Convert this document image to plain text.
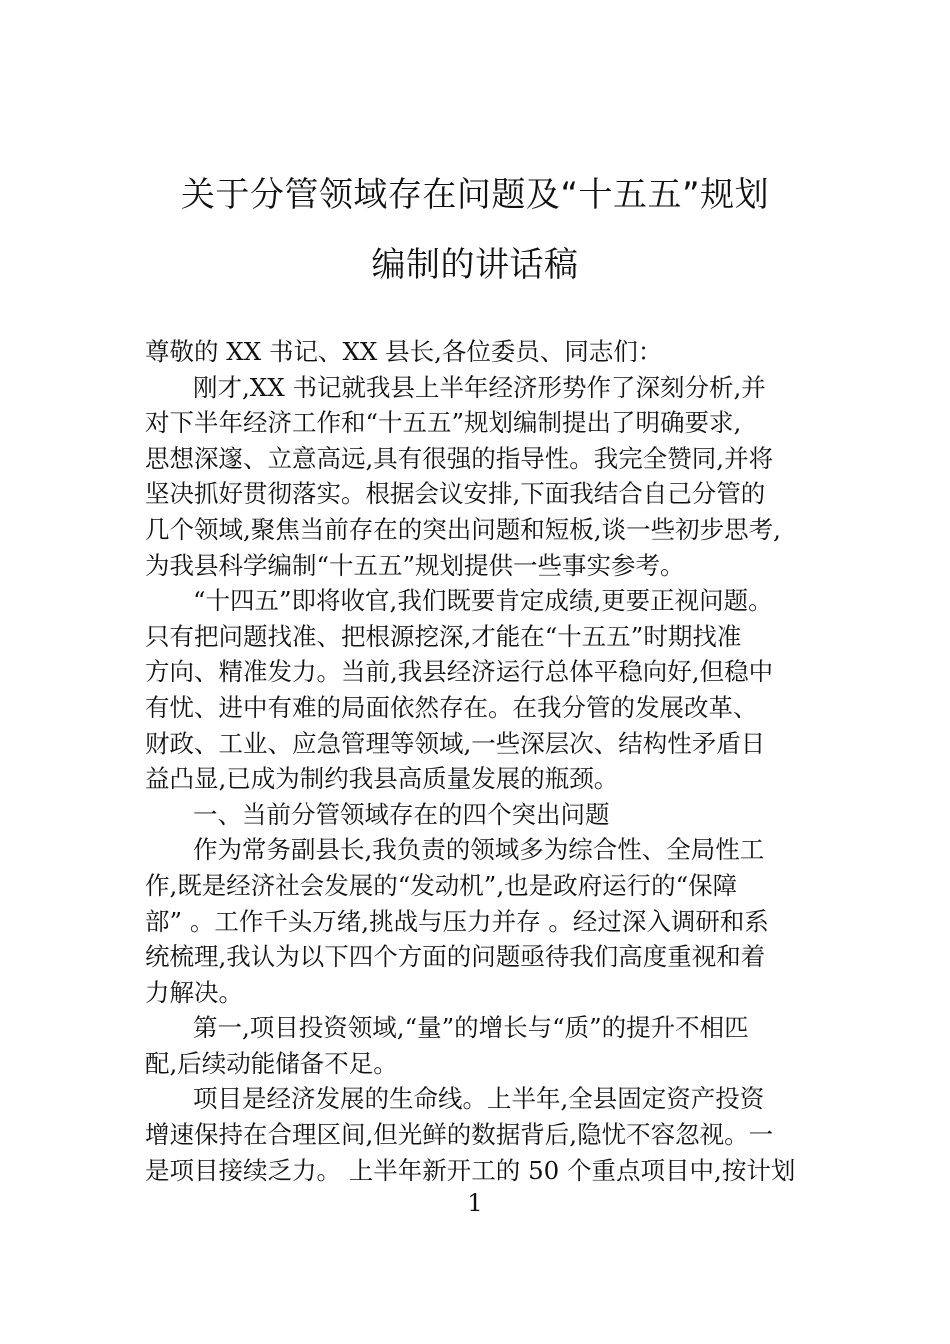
关于分管领域存在问题及“十五五”规划
编制的讲话稿

尊敬的 XX 书记、XX 县长,各位委员、同志们：

刚才,XX 书记就我县上半年经济形势作了深刻分析,并

对下半年经济工作和“十五五”规划编制提出了明确要求,

思想深邃、立意高远,具有很强的指导性。我完全赞同,并将

坚决抓好贯彻落实。根据会议安排,下面我结合自己分管的

几个领域,聚焦当前存在的突出问题和短板,谈一些初步思考,

为我县科学编制“十五五”规划提供一些事实参考。

“十四五”即将收官,我们既要肯定成绩,更要正视问题。

只有把问题找准、把根源挖深,才能在“十五五”时期找准

方向、精准发力。当前,我县经济运行总体平稳向好,但稳中

有忧、进中有难的局面依然存在。在我分管的发展改革、

财政、工业、应急管理等领域,一些深层次、结构性矛盾日

益凸显,已成为制约我县高质量发展的瓶颈。

一、当前分管领域存在的四个突出问题

作为常务副县长,我负责的领域多为综合性、全局性工

作,既是经济社会发展的“发动机”,也是政府运行的“保障

部” 。工作千头万绪,挑战与压力并存 。经过深入调研和系

统梳理,我认为以下四个方面的问题亟待我们高度重视和着

力解决。

第一,项目投资领域,“量”的增长与“质”的提升不相匹

配,后续动能储备不足。

项目是经济发展的生命线。上半年,全县固定资产投资

增速保持在合理区间,但光鲜的数据背后,隐忧不容忽视。一

是项目接续乏力。 上半年新开工的 50 个重点项目中,按计划

1
